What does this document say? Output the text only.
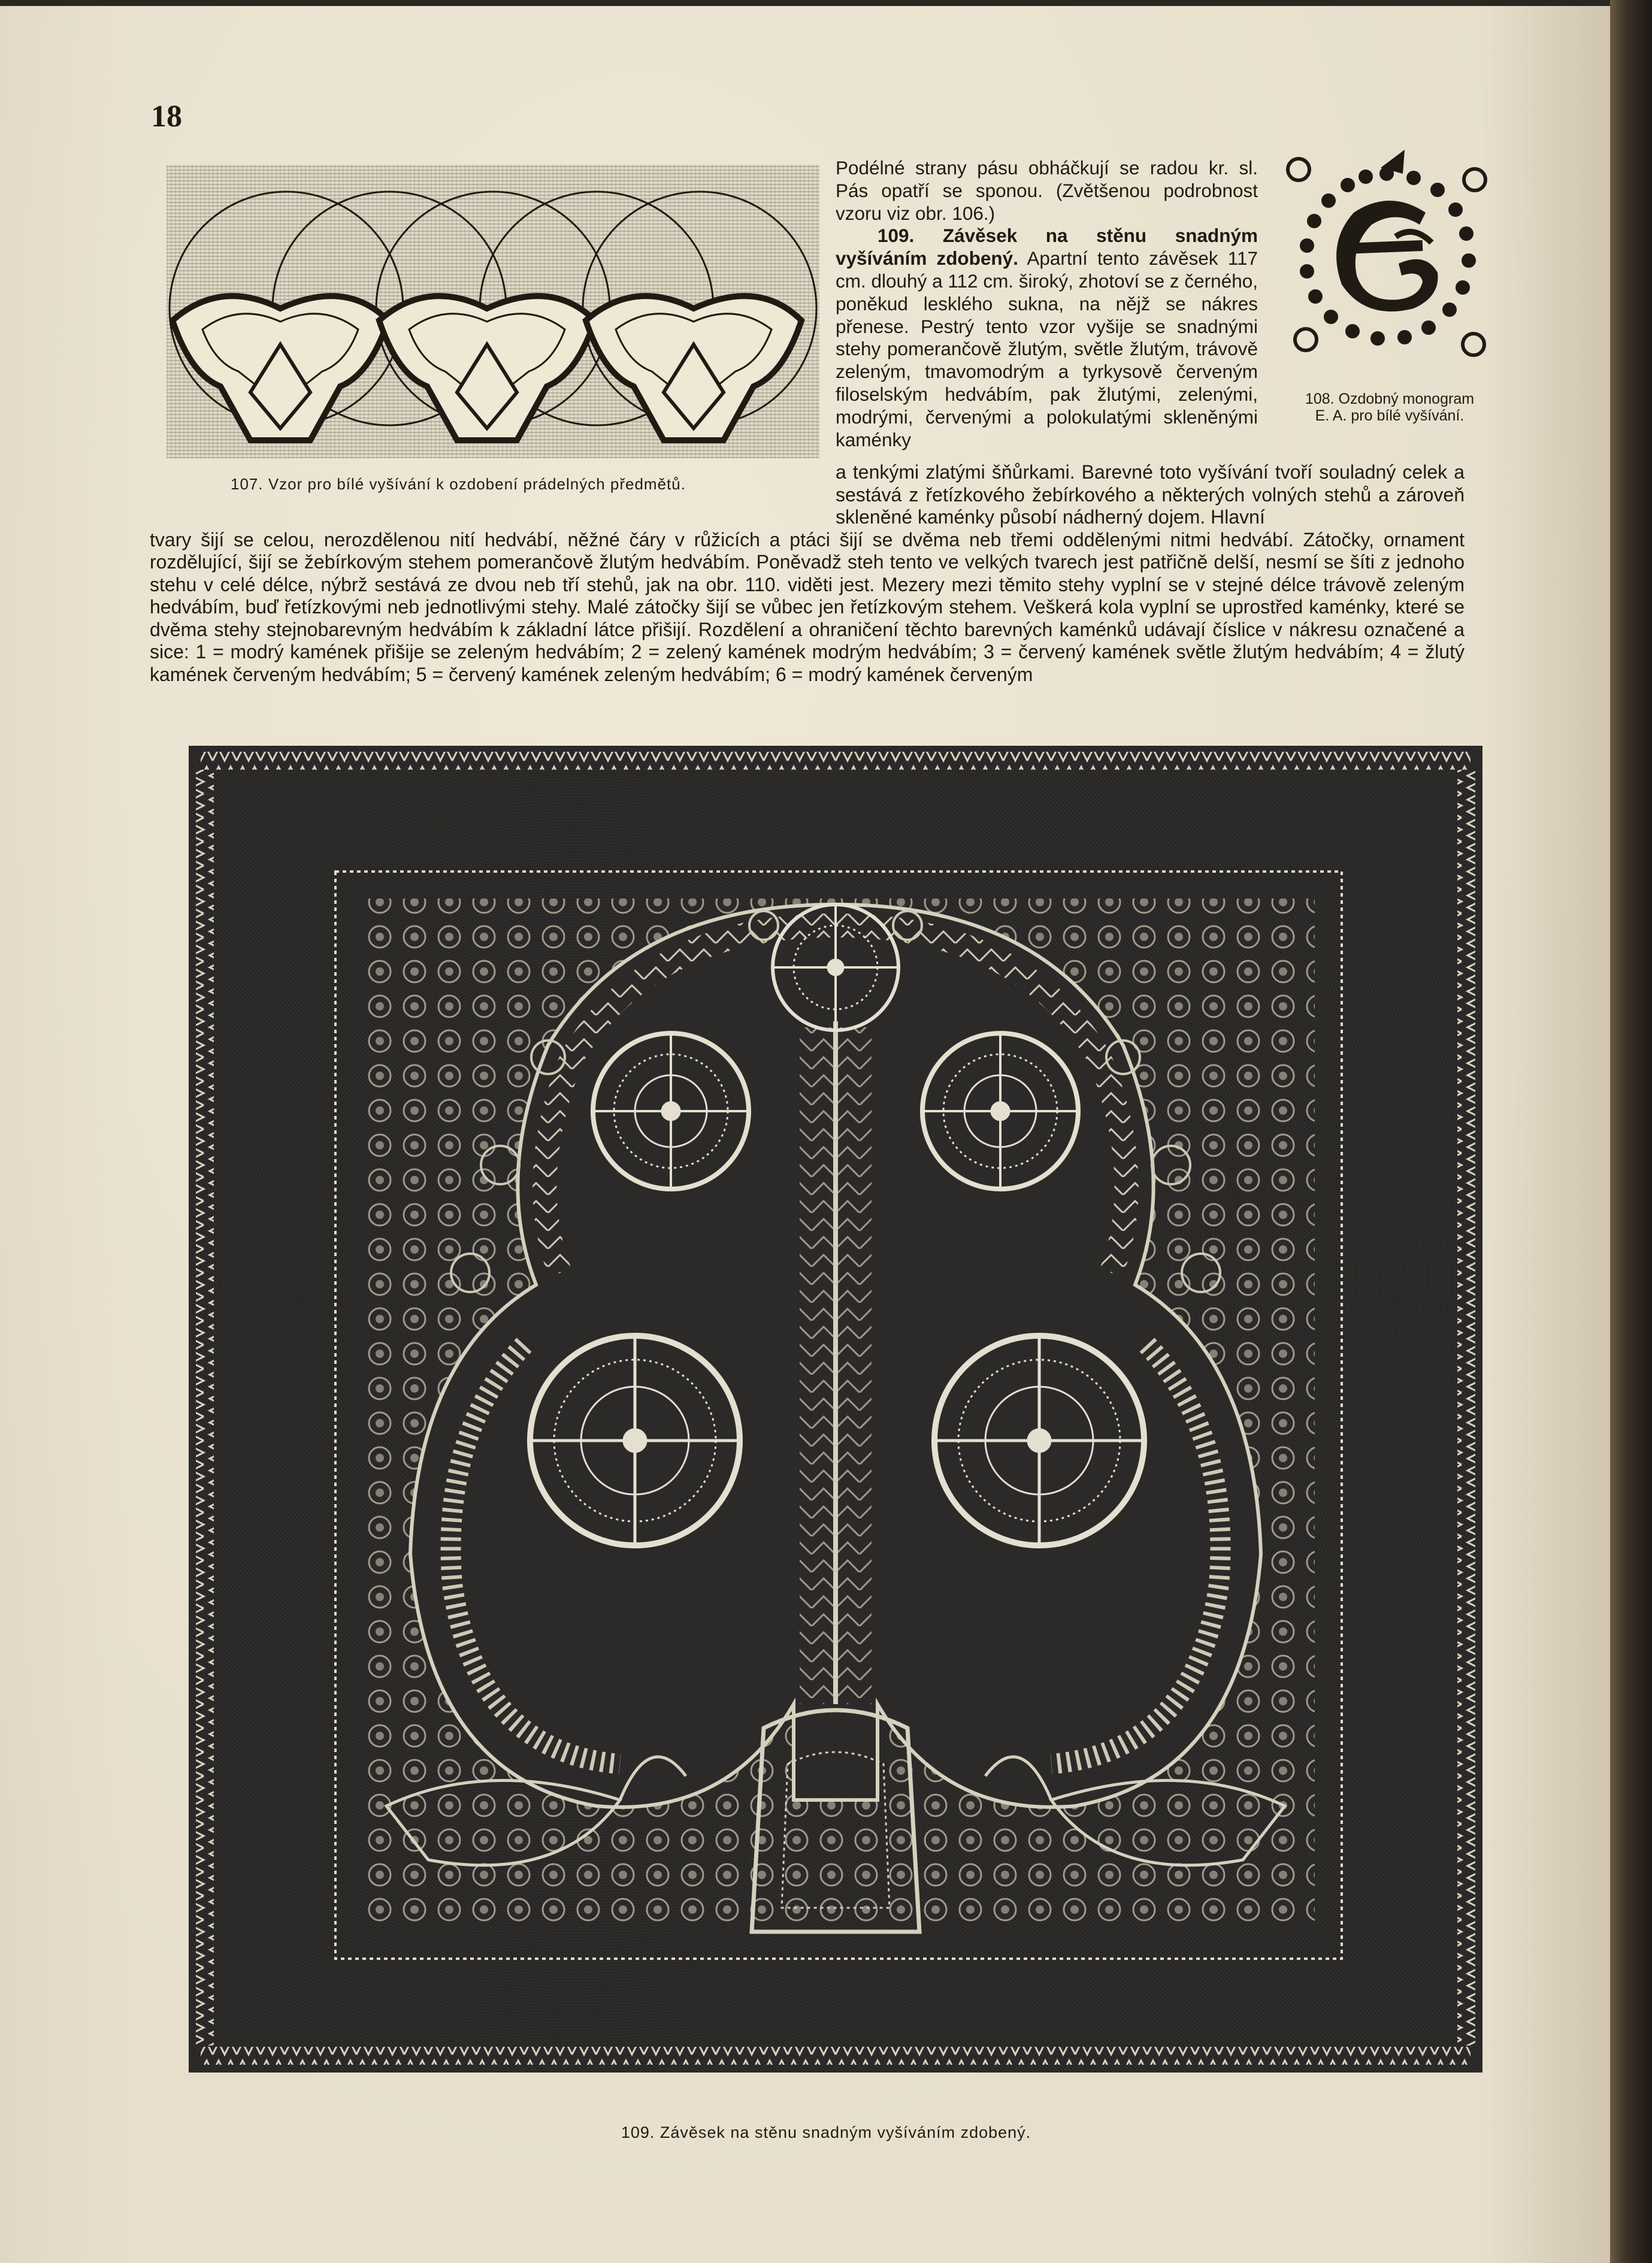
18
107. Vzor pro bílé vyšívání k ozdobení prádelných předmětů.

Podélné strany pásu obháčkují se radou kr. sl. Pás opatří se sponou. (Zvětšenou podrobnost vzoru viz obr. 106.)

109. Závěsek na stěnu snadným vyšíváním zdobený. Apartní tento závěsek 117 cm. dlouhý a 112 cm. široký, zhotoví se z černého, poněkud lesklého sukna, na nějž se nákres přenese. Pestrý tento vzor vyšije se snadnými stehy pomerančově žlutým, světle žlutým, trávově zeleným, tmavomodrým a tyrkysově červeným filoselským hedvábím, pak žlutými, zelenými, modrými, červenými a polokulatými skleněnými kaménky

108. Ozdobný monogram
E. A. pro bílé vyšívání.
a tenkými zlatými šňůrkami. Barevné toto vyšívání tvoří souladný celek a sestává z řetízkového žebírkového a některých volných stehů a zároveň skleněné kaménky působí nádherný dojem. Hlavní

tvary šijí se celou, nerozdělenou nití hedvábí, něžné čáry v růžicích a ptáci šijí se dvěma neb třemi oddělenými nitmi hedvábí. Zátočky, ornament rozdělující, šijí se žebírkovým stehem pomerančově žlutým hedvábím. Poněvadž steh tento ve velkých tvarech jest patřičně delší, nesmí se šíti z jednoho stehu v celé délce, nýbrž sestává ze dvou neb tří stehů, jak na obr. 110. viděti jest. Mezery mezi těmito stehy vyplní se v stejné délce trávově zeleným hedvábím, buď řetízkovými neb jednotlivými stehy. Malé zátočky šijí se vůbec jen řetízkovým stehem. Veškerá kola vyplní se uprostřed kaménky, které se dvěma stehy stejnobarevným hedvábím k základní látce přišijí. Rozdělení a ohraničení těchto barevných kaménků udávají číslice v nákresu označené a sice: 1 = modrý kamének přišije se zeleným hedvábím; 2 = zelený kamének modrým hedvábím; 3 = červený kamének světle žlutým hedvábím; 4 = žlutý kamének červeným hedvábím; 5 = červený kamének zeleným hedvábím; 6 = modrý kamének červeným

109. Závěsek na stěnu snadným vyšíváním zdobený.
